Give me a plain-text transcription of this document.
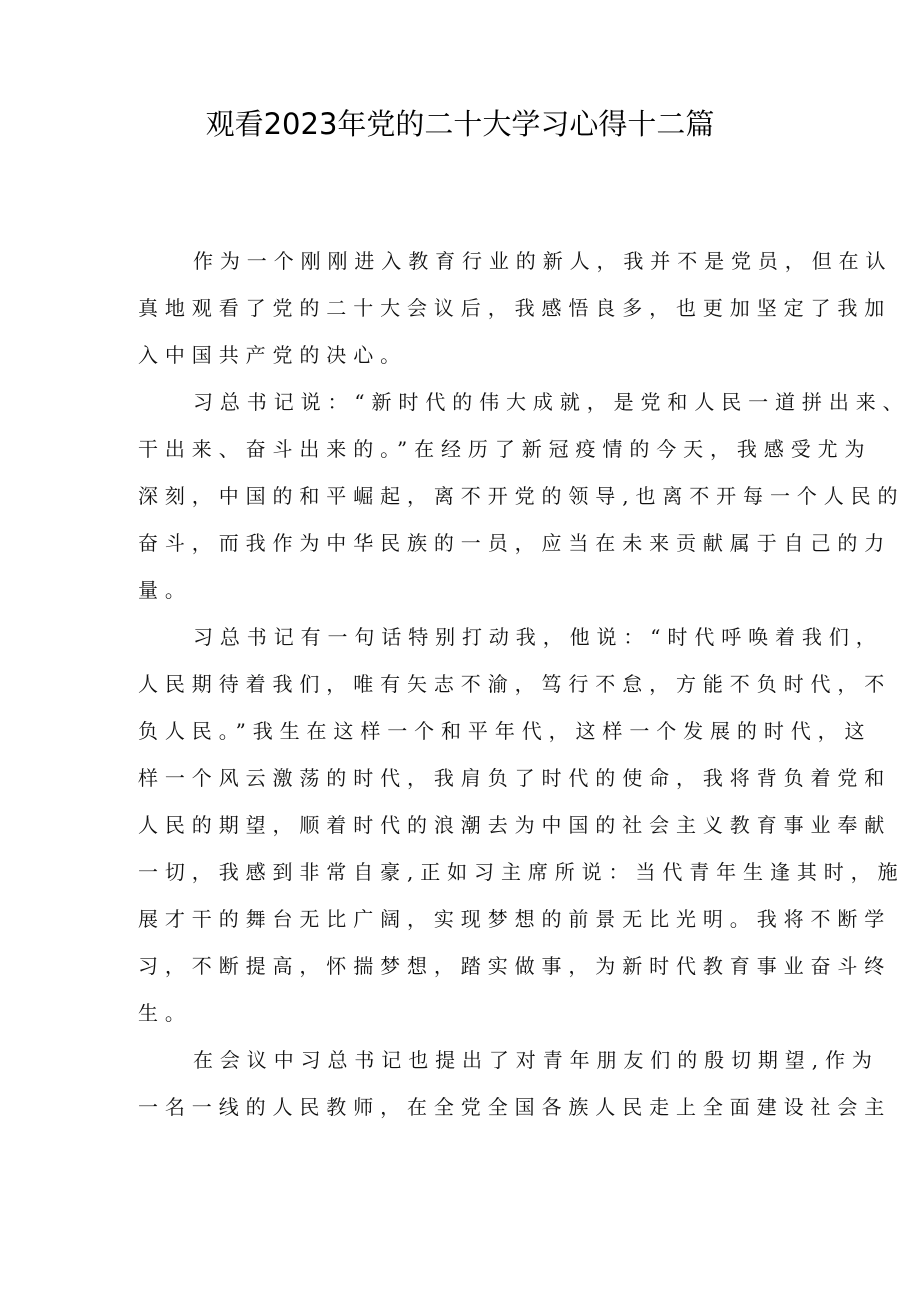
观看2023年党的二十大学习心得十二篇
作为一个刚刚进入教育行业的新人，我并不是党员，但在认
真地观看了党的二十大会议后，我感悟良多，也更加坚定了我加
入中国共产党的决心。
习总书记说：“新时代的伟大成就，是党和人民一道拼出来、
干出来、奋斗出来的。”在经历了新冠疫情的今天，我感受尤为
深刻，中国的和平崛起，离不开党的领导,也离不开每一个人民的
奋斗，而我作为中华民族的一员，应当在未来贡献属于自己的力
量。
习总书记有一句话特别打动我，他说：“时代呼唤着我们，
人民期待着我们，唯有矢志不渝，笃行不怠，方能不负时代，不
负人民。”我生在这样一个和平年代，这样一个发展的时代，这
样一个风云激荡的时代，我肩负了时代的使命，我将背负着党和
人民的期望，顺着时代的浪潮去为中国的社会主义教育事业奉献
一切，我感到非常自豪,正如习主席所说：当代青年生逢其时，施
展才干的舞台无比广阔，实现梦想的前景无比光明。我将不断学
习，不断提高，怀揣梦想，踏实做事，为新时代教育事业奋斗终
生。
在会议中习总书记也提出了对青年朋友们的殷切期望,作为
一名一线的人民教师，在全党全国各族人民走上全面建设社会主
